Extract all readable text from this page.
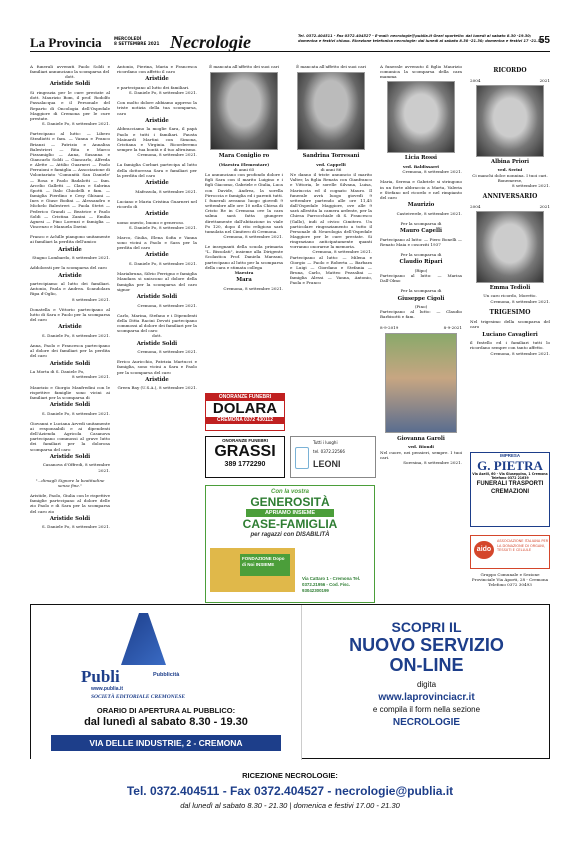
La Provincia	MERCOLEDÌ
8 SETTEMBRE 2021 Necrologie	Tel. 0372.404511 - Fax 0372.404527 - E-mail: necrologie@publia.it Orari sportello: dal lunedì al sabato 8.30 -19.30; domenica e festivi chiuso. Ricezione telefonica necrologie: dal lunedì al sabato 8.30 -21.30; domenica e festivi 17 -21.30
55

A funerali avvenuti Paolo Soldi e familiari annunciano la scomparsa del

dott.
Aristide Soldi

Si ringrazia per le cure prestate al dott. Maurizio Bom, il prof. Rodolfo Passalacqua e il Personale del Reparto di Oncologia dell'Ospedale Maggiore di Cremona per le cure prestate.

S. Daniele Po, 8 settembre 2021.

Partecipano al lutto: — Libero Stradiotti e fam. — Vanna e Franco Brianzi — Patrizio e Annalisa Balestrieri — Rita e Marco Pizzamiglio — Anna, Susanna e Giancarlo Soldi — Giancarlo, Alfreda e Alette — Attilio Guarneri — Paolo Ferraioni e famiglia — Associazione di Volontariato 'Comunità San Daniele' — Rosa e Paolo Badalotti — fam. Arcelio Galletti — Clara e Sabrina Spotti — Italo Chiodelli e fam. — famiglia Pierdino e Cesy Ghisani — Ines e Giuse Bodini — Alessandro e Michelo Balestreri — Paola Stetri — Federico Grandi — Beatrice e Paolo Soldi — Cristina Zanini — Emilia Agnesi — Pino Lorenzi e famiglia — Vincenzo e Manuela Davini

Franco e Achille piangono unitamente ai familiari la perdita dell'amico

Aristide
Stagno Lombardo, 8 settembre 2021.

Addolorati per la scomparsa del caro

Aristide

partecipiamo al lutto dei familiari. Antonio, Paola e Andrea. Scandolara Ripa d'Oglio,

8 settembre 2021.

Donatella e Vittorio partecipano al lutto di Sara e Paolo per la scomparsa del caro

Aristide
S. Daniele Po, 8 settembre 2021.

Anna, Paolo e Francesca partecipano al dolore dei familiari per la perdita del caro

Aristide Soldi

La Morta di S. Daniele Po,

8 settembre 2021.

Maurizio e Giorgio Manfredini con le rispettive famiglie sono vicini ai familiari per la scomparsa di

Aristide Soldi
S. Daniele Po, 8 settembre 2021.

Giovanni e Luciana Arvedi unitamente ai responsabili e ai dipendenti dell'Azienda Agricola Casanova partecipano commossi al grave lutto dei familiari per la dolorosa scomparsa del caro

Aristide Soldi
Casanova d'Offredi, 8 settembre 2021.

"...dimagli Signore la beatitudine senza fine."

Aristide, Paolo, Giulia con le rispettive famiglie partecipano al dolore delle zio Paolo e di Sara per la scomparsa del caro zio

Aristide Soldi
S. Daniele Po, 8 settembre 2021.

Antonio, Pierina, Maria e Francesca ricordano con affetto il caro

Aristide

e partecipano al lutto dei familiari.

S. Daniele Po, 8 settembre 2021.

Con molto dolore abbiamo appreso la triste notizia della tua scomparsa, caro

Aristide

Abbracciamo la moglie Sara, il papà Paolo e tutti i familiari. Fausta Mainardi Martini con Simona, Cristiana e Virginia. Ricorderemo sempre la tua bontà e il tuo altruismo.

Cremona, 8 settembre 2021.

La famiglia Corbari partecipa al lutto della dottoressa Sara e familiari per la perdita del caro

Aristide
Mafezzola, 8 settembre 2021.

Luciano e Maria Cristina Guarneri nel ricordo di

Aristide

uomo onesto, buono e generoso.

S. Daniele Po, 8 settembre 2021.

Marco, Giulia, Elena Sofia e Vanna sono vicini a Paolo e Sara per la perdita del caro

Aristide
S. Daniele Po, 8 settembre 2021.

Mariabruna, Silvio Ferrigno e famiglia Mandara si uniscono al dolore della famiglia per la scomparsa del caro signor

Aristide Soldi
Cremona, 8 settembre 2021.

Carlo, Marina, Stefano e i Dipendenti della Ditta Racini Devoti partecipano commossi al dolore dei familiari per la scomparsa del caro

dott.
Aristide Soldi
Cremona, 8 settembre 2021.

Errico Auricchio, Patrizia Martucci e famiglia, sono vicini a Sara e Paolo per la scomparsa del caro

Aristide
Green Bay (U.S.A.), 8 settembre 2021.

È mancata all'affetto dei suoi cari

Mara Coniglio ro
(Maestra Elementare)
di anni 65

Lo annunciano con profondo dolore i figli Sara con il marito Luigino e i figli Giacomo, Gabriele e Giulia, Luca con Davide, Andrea, la sorella Pirroccia e famiglia ed i parenti tutti. I funerali avranno luogo giovedì 9 settembre alle ore 10 nella Chiesa di Cristo Re in Cremona ove la cara salma sarà fatta giungere direttamente dall'abitazione in viale Po 120, dopo il rito religioso sarà tumulata nel Cimitero di Cremona.

Cremona, 8 settembre 2021.

Le insegnanti della scuola primaria "L. Bissolati", insieme alla Dirigente Scolastica Prof. Daniela Marzani, partecipano al lutto per la scomparsa della cara e stimata collega

Maestra
Mara
Cremona, 8 settembre 2021.

È mancata all'affetto dei suoi cari

Sandrina Torresani
ved. Cappelli
di anni 86

Ne danno il triste annuncio il marito Valter, la figlia Renata con Gianfranco e Vittoria, le sorelle Silvana, Luisa, Mariuccia ed il cognato Mauro. Il funerale avrà luogo giovedì 9 settembre partendo alle ore 11,45 dall'Ospedale Maggiore, ove alle 9 sarà allestita la camera ardente, per la Chiesa Parrocchiale di S. Francesco (Gallo), indi al civico Cimitero. Un particolare ringraziamento a tutto il Personale di Neurologia dell'Ospedale Maggiore per le cure prestate. Si ringraziano anticipatamente quanti vorranno onorarne la memoria.

Cremona, 8 settembre 2021.

Partecipano al lutto: — Milena e Giorgio — Paolo e Roberta — Barbara e Luigi — Giordano e Stefania — Bruna, Carlo, Matteo Pezzalini — famiglia Alessi — Vanna, Antonio, Paola e Franco

A funerale avvenuto il figlio Maurizio comunica la scomparsa della cara mamma

Licia Rossi
ved. Baldissarri
Cremona, 8 settembre 2021.

Maria, Serena e Gabriele si stringono in un forte abbraccio a Marta, Valeria e Stefano nel ricordo e nel rimpianto del caro

Maurizio
Casteiverde, 8 settembre 2021.
Per la scomparsa di
Mauro Capelli

Partecipano al lutto: — Piero Bonelli — Renato Maia e cosorziti 1937

Per la scomparsa di
Claudio Ripari
(Ripo)

Partecipano al lutto: — Marisa Dall'Olmo

Per la scomparsa di
Giuseppe Cigoli
(Pino)

Partecipano al lutto: — Claudio Barbisotti e fam.

8-9-2019	8-9-2021
Giovanna Garoli
ved. Biondi

Nel cuore, nei pensieri, sempre. I tuoi cari.

Soresina, 8 settembre 2021.
RICORDO
2004	2021
Albina Priori
ved. Serini

Ci manchi dolce nonnina. I tuoi cari. Bonemerse,

8 settembre 2021.
ANNIVERSARIO
2004	2021
Emma Tedioli

Un caro ricordo, Moretto.

Cremona, 8 settembre 2021.
TRIGESIMO

Nel trigesimo della scomparsa del caro

Luciano Cavaglieri

il fratello ed i familiari tutti lo ricordano sempre con tanto affetto.

Cremona, 8 settembre 2021.
ONORANZE FUNEBRI
DOLARA
CREMONA 0372 430112
ONORANZE FUNEBRI
GRASSI
389 1772290
Tutti i luoghi
tel. 0372.22566
LEONI
Con la vostra
GENEROSITÀ
APRIAMO INSIEME
CASE-FAMIGLIA
per ragazzi con DISABILITÀ
FONDAZIONE Dopo di Noi INSIEME
Via Cattaro 1 - Cremona Tel. 0372.21956 - Cod. Fisc. 93042300199
IMPRESA
G. PIETRA
Via Aselli, 60 - Via Giuseppina, 1 Cremona Telefono 0372 21639
FUNERALI TRASPORTI CREMAZIONI
aido
ASSOCIAZIONE ITALIANA PER LA DONAZIONE DI ORGANI, TESSUTI E CELLULE
Gruppo Comunale e Sezione Provinciale Via Aporti, 28 - Cremona Telefono 0372 30493
Publi	Pubblicità
www.publia.it
SOCIETÀ EDITORIALE CREMONESE
ORARIO DI APERTURA AL PUBBLICO:
dal lunedì al sabato 8.30 - 19.30
VIA DELLE INDUSTRIE, 2 - CREMONA
SCOPRI IL
NUOVO SERVIZIO
ON-LINE
digita
www.laprovinciacr.it
e compila il form nella sezione
NECROLOGIE
RICEZIONE NECROLOGIE:
Tel. 0372.404511 - Fax 0372.404527 - necrologie@publia.it
dal lunedì al sabato 8.30 - 21.30 | domenica e festivi 17.00 - 21.30
